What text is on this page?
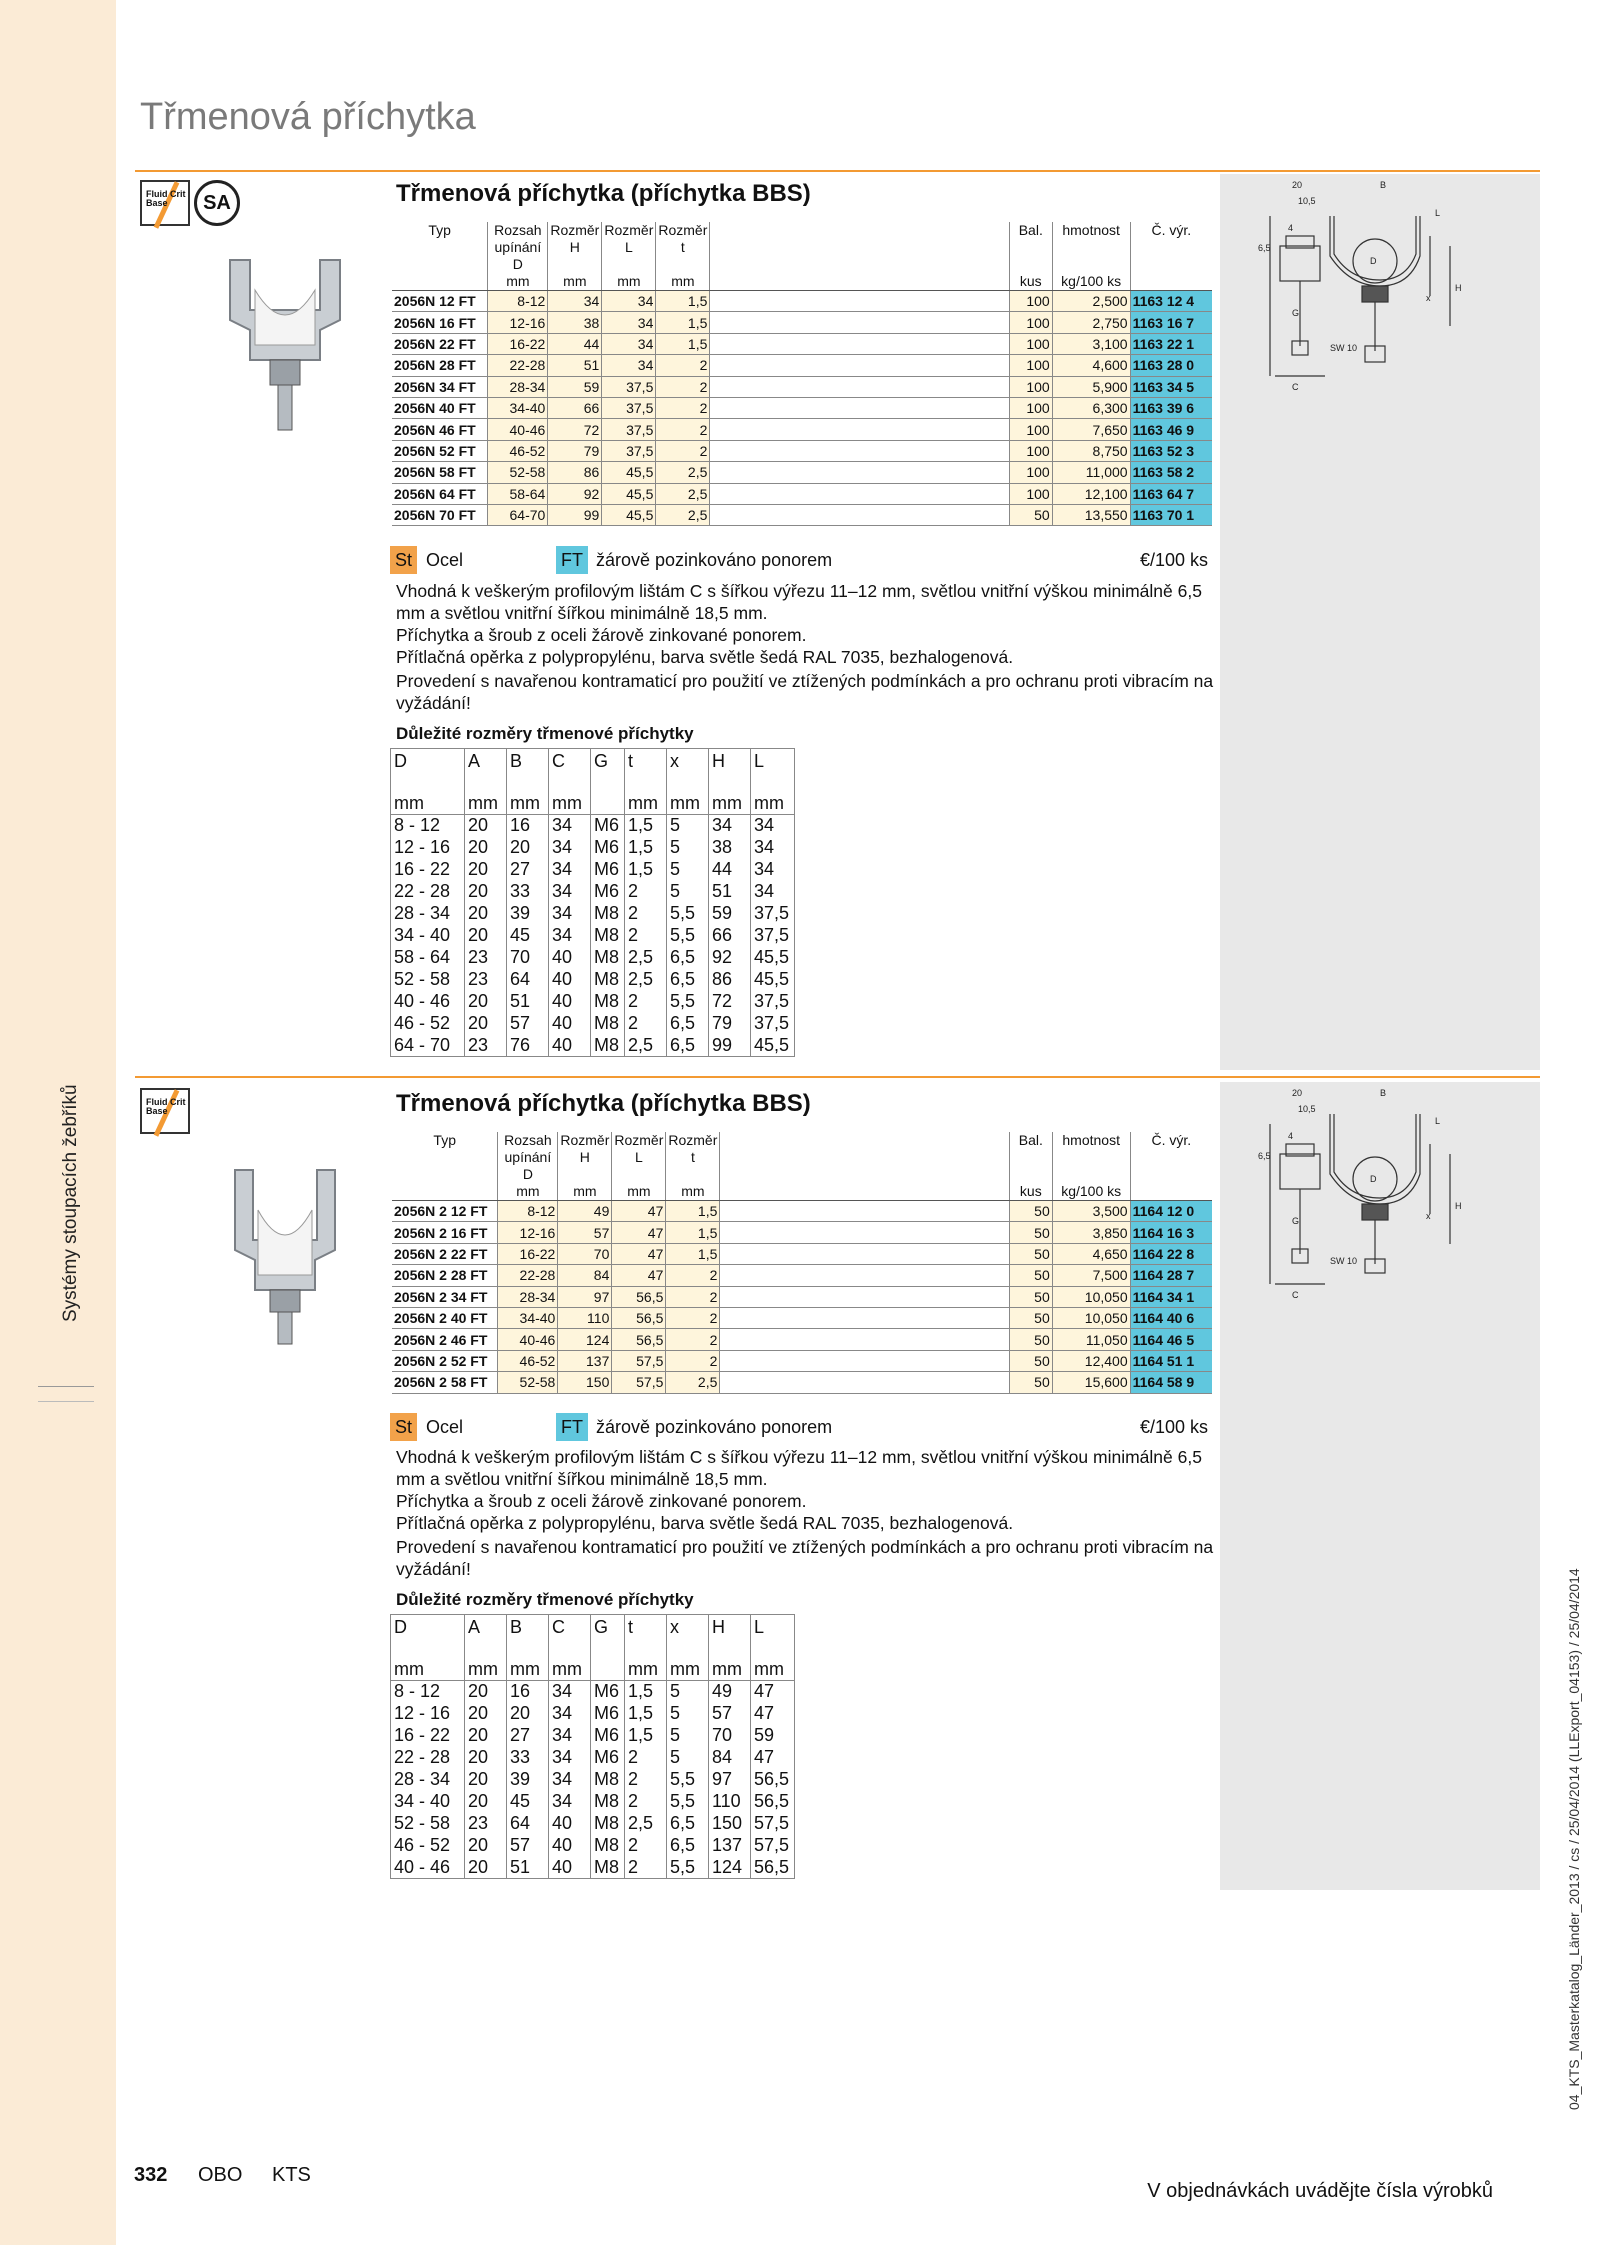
Systémy stoupacích žebříků
Třmenová příchytka
20
10,5
B
6,5
L
4
D
x
H
G
C
SW 10
Fluid Crit Base	SA	Třmenová příchytka (příchytka BBS)
Typ	Rozsah upínání D	Rozměr H	Rozměr L	Rozměr t		Bal.	hmotnost	Č. výr.
	mm	mm	mm	mm		kus	kg/100 ks	
2056N 12 FT	8-12	34	34	1,5		100	2,500	1163 12 4
2056N 16 FT	12-16	38	34	1,5		100	2,750	1163 16 7
2056N 22 FT	16-22	44	34	1,5		100	3,100	1163 22 1
2056N 28 FT	22-28	51	34	2		100	4,600	1163 28 0
2056N 34 FT	28-34	59	37,5	2		100	5,900	1163 34 5
2056N 40 FT	34-40	66	37,5	2		100	6,300	1163 39 6
2056N 46 FT	40-46	72	37,5	2		100	7,650	1163 46 9
2056N 52 FT	46-52	79	37,5	2		100	8,750	1163 52 3
2056N 58 FT	52-58	86	45,5	2,5		100	11,000	1163 58 2
2056N 64 FT	58-64	92	45,5	2,5		100	12,100	1163 64 7
2056N 70 FT	64-70	99	45,5	2,5		50	13,550	1163 70 1
St Ocel	FT žárově pozinkováno ponorem	€/100 ks

Vhodná k veškerým profilovým lištám C s šířkou výřezu 11–12 mm, světlou vnitřní výškou minimálně 6,5 mm a světlou vnitřní šířkou minimálně 18,5 mm.

Příchytka a šroub z oceli žárově zinkované ponorem.

Přítlačná opěrka z polypropylénu, barva světle šedá RAL 7035, bezhalogenová.

Provedení s navařenou kontramaticí pro použití ve ztížených podmínkách a pro ochranu proti vibracím na vyžádání!

Důležité rozměry třmenové příchytky
D	A	B	C	G	t	x	H	L
mm	mm	mm	mm		mm	mm	mm	mm
8 - 12	20	16	34	M6	1,5	5	34	34
12 - 16	20	20	34	M6	1,5	5	38	34
16 - 22	20	27	34	M6	1,5	5	44	34
22 - 28	20	33	34	M6	2	5	51	34
28 - 34	20	39	34	M8	2	5,5	59	37,5
34 - 40	20	45	34	M8	2	5,5	66	37,5
58 - 64	23	70	40	M8	2,5	6,5	92	45,5
52 - 58	23	64	40	M8	2,5	6,5	86	45,5
40 - 46	20	51	40	M8	2	5,5	72	37,5
46 - 52	20	57	40	M8	2	6,5	79	37,5
64 - 70	23	76	40	M8	2,5	6,5	99	45,5
20
10,5
B
6,5
L
4
D
x
H
G
C
SW 10
Fluid Crit Base	Třmenová příchytka (příchytka BBS)
Typ	Rozsah upínání D	Rozměr H	Rozměr L	Rozměr t		Bal.	hmotnost	Č. výr.
	mm	mm	mm	mm		kus	kg/100 ks	
2056N 2 12 FT	8-12	49	47	1,5		50	3,500	1164 12 0
2056N 2 16 FT	12-16	57	47	1,5		50	3,850	1164 16 3
2056N 2 22 FT	16-22	70	47	1,5		50	4,650	1164 22 8
2056N 2 28 FT	22-28	84	47	2		50	7,500	1164 28 7
2056N 2 34 FT	28-34	97	56,5	2		50	10,050	1164 34 1
2056N 2 40 FT	34-40	110	56,5	2		50	10,050	1164 40 6
2056N 2 46 FT	40-46	124	56,5	2		50	11,050	1164 46 5
2056N 2 52 FT	46-52	137	57,5	2		50	12,400	1164 51 1
2056N 2 58 FT	52-58	150	57,5	2,5		50	15,600	1164 58 9
St Ocel	FT žárově pozinkováno ponorem	€/100 ks

Vhodná k veškerým profilovým lištám C s šířkou výřezu 11–12 mm, světlou vnitřní výškou minimálně 6,5 mm a světlou vnitřní šířkou minimálně 18,5 mm.

Příchytka a šroub z oceli žárově zinkované ponorem.

Přítlačná opěrka z polypropylénu, barva světle šedá RAL 7035, bezhalogenová.

Provedení s navařenou kontramaticí pro použití ve ztížených podmínkách a pro ochranu proti vibracím na vyžádání!

Důležité rozměry třmenové příchytky
D	A	B	C	G	t	x	H	L
mm	mm	mm	mm		mm	mm	mm	mm
8 - 12	20	16	34	M6	1,5	5	49	47
12 - 16	20	20	34	M6	1,5	5	57	47
16 - 22	20	27	34	M6	1,5	5	70	59
22 - 28	20	33	34	M6	2	5	84	47
28 - 34	20	39	34	M8	2	5,5	97	56,5
34 - 40	20	45	34	M8	2	5,5	110	56,5
52 - 58	23	64	40	M8	2,5	6,5	150	57,5
46 - 52	20	57	40	M8	2	6,5	137	57,5
40 - 46	20	51	40	M8	2	5,5	124	56,5
332 OBO KTS
V objednávkách uvádějte čísla výrobků
04_KTS_Masterkatalog_Länder_2013 / cs / 25/04/2014 (LLExport_04153) / 25/04/2014
